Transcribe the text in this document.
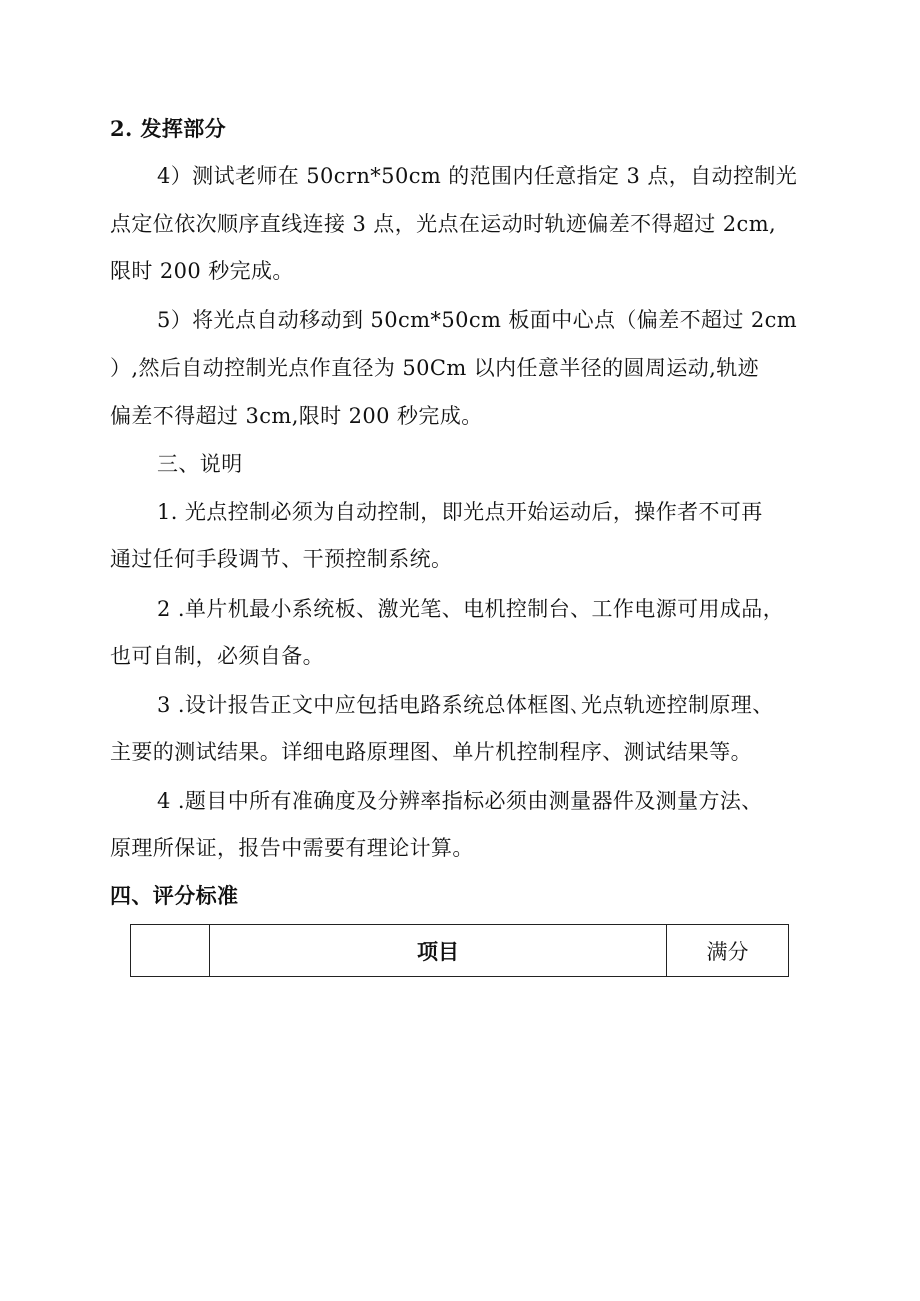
2. 发挥部分
4）测试老师在 50crn*50cm 的范围内任意指定 3 点，自动控制光
点定位依次顺序直线连接 3 点，光点在运动时轨迹偏差不得超过 2cm,
限时 200 秒完成。
5）将光点自动移动到 50cm*50cm 板面中心点（偏差不超过 2cm
）,然后自动控制光点作直径为 50Cm 以内任意半径的圆周运动,轨迹
偏差不得超过 3cm,限时 200 秒完成。
三、说明
1. 光点控制必须为自动控制，即光点开始运动后，操作者不可再
通过任何手段调节、干预控制系统。
2 .单片机最小系统板、激光笔、电机控制台、工作电源可用成品，
也可自制，必须自备。
3 .设计报告正文中应包括电路系统总体框图､光点轨迹控制原理、
主要的测试结果。详细电路原理图、单片机控制程序、测试结果等。
4 .题目中所有准确度及分辨率指标必须由测量器件及测量方法、
原理所保证，报告中需要有理论计算。
四、评分标准
项目	满分
